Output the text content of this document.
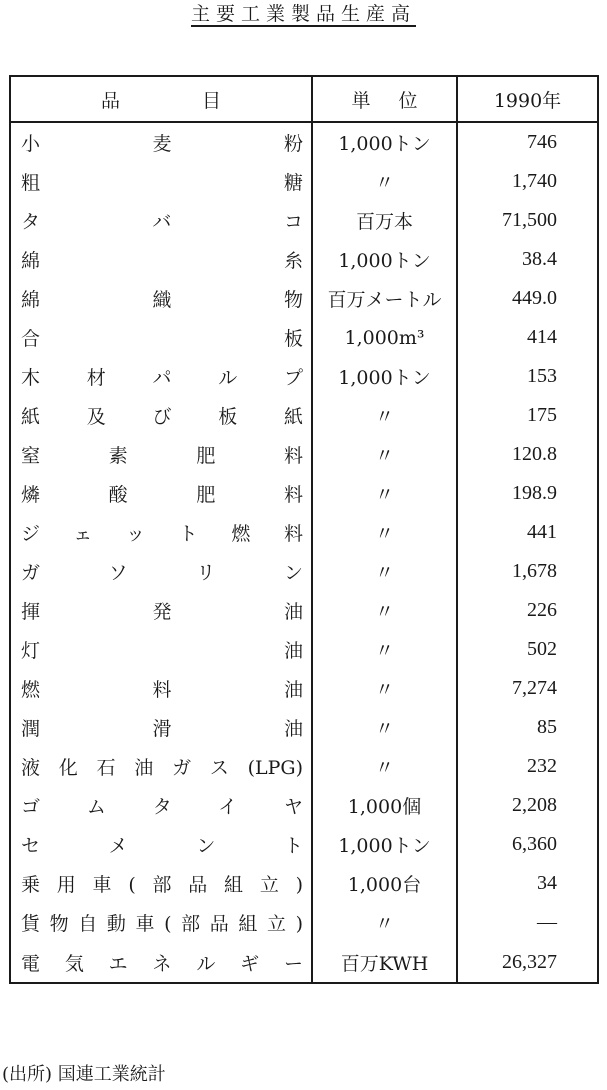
主要工業製品生産高
品目	単位	1990年

小麦粉	1,000トン	746

粗糖	〃	1,740

タバコ	百万本	71,500

綿糸	1,000トン	38.4

綿織物	百万メートル	449.0

合板	1,000m³	414

木材パルプ	1,000トン	153

紙及び板紙	〃	175

窒素肥料	〃	120.8

燐酸肥料	〃	198.9

ジェット燃料	〃	441

ガソリン	〃	1,678

揮発油	〃	226

灯油	〃	502

燃料油	〃	7,274

潤滑油	〃	85

液化石油ガス(LPG)	〃	232

ゴムタイヤ	1,000個	2,208

セメント	1,000トン	6,360

乗用車(部品組立)	1,000台	34

貨物自動車(部品組立)	〃	—

電気エネルギー	百万KWH	26,327
(出所) 国連工業統計
